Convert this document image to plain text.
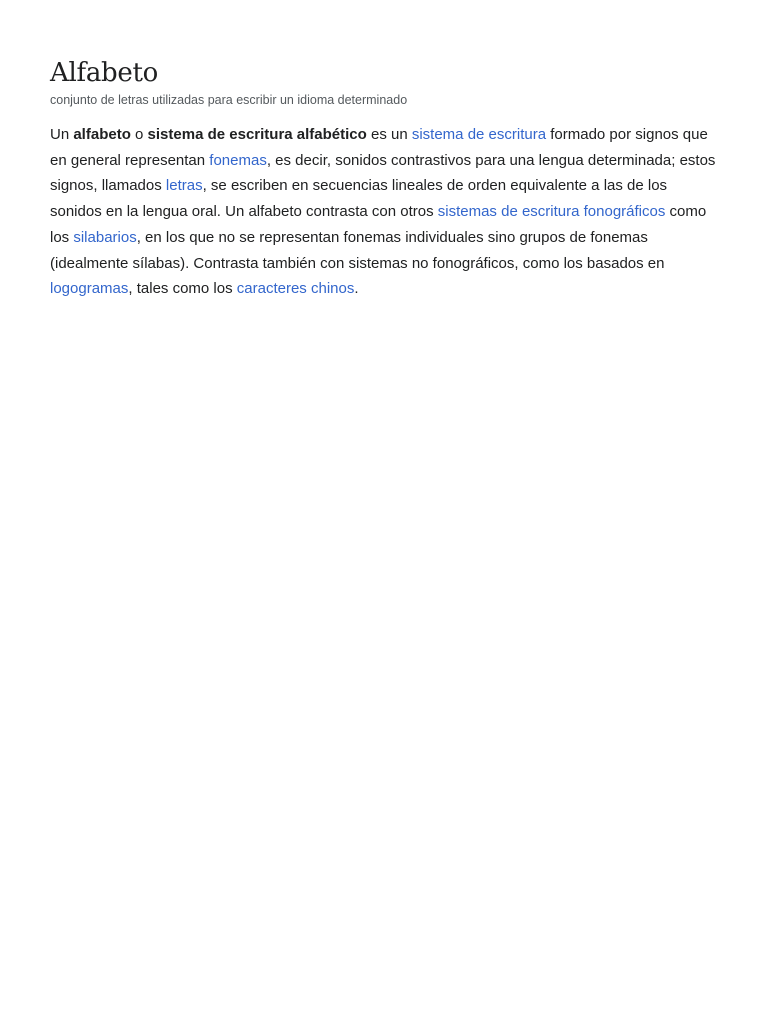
Alfabeto

conjunto de letras utilizadas para escribir un idioma determinado

Un alfabeto o sistema de escritura alfabético es un sistema de escritura formado por signos que en general representan fonemas, es decir, sonidos contrastivos para una lengua determinada; estos signos, llamados letras, se escriben en secuencias lineales de orden equivalente a las de los sonidos en la lengua oral. Un alfabeto contrasta con otros sistemas de escritura fonográficos como los silabarios, en los que no se representan fonemas individuales sino grupos de fonemas (idealmente sílabas). Contrasta también con sistemas no fonográficos, como los basados en logogramas, tales como los caracteres chinos.
